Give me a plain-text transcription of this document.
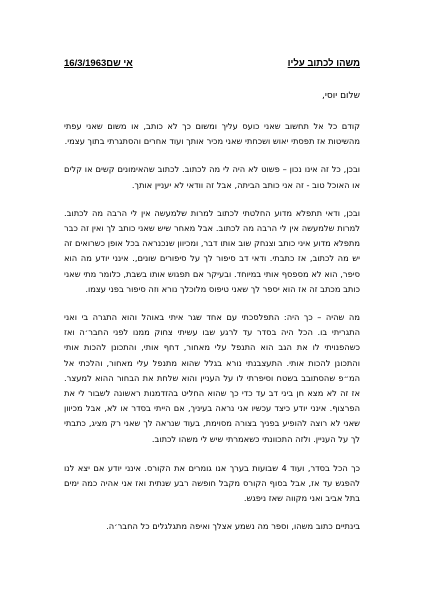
משהו לכתוב עליו
אי שם16/3/1963
שלום יוסי,

קודם כל אל תחשוב שאני כועס עליך ומשום כך לא כותב, או משום שאני עפתי מהשיטות אז תפסתי יאוש ושכחתי שאני מכיר אותך ועוד אחרים והסתגרתי בתוך עצמי.

ובכן, כל זה אינו נכון – פשוט לא היה לי מה לכתוב. לכתוב שהאימונים קשים או קלים או האוכל טוב - זה אני כותב הביתה, אבל זה וודאי לא יעניין אותך.

ובכן, ודאי תתפלא מדוע החלטתי לכתוב למרות שלמעשה אין לי הרבה מה לכתוב. למרות שלמעשה אין לי הרבה מה לכתוב. אבל מאחר שיש שאני כותב לך ואין זה כבר מתפלא מדוע איני כותב וצנחק שוב אותו דבר, ומכיוון שנכנראה בכל אופן כשרואים זה יש מה לכתוב, אז כתבתי. ודאי דב סיפור לך על סיפורים שונים,. אינני יודע מה הוא סיפר, הוא לא מספסף אותי במיוחד. ובעיקר אם תפגוש אותו בשבת, כלומר מתי שאני כותב מכתב זה אז הוא יספר לך שאני טיפוס מלוכלך נורא וזה סיפור בפני עצמו.

מה שהיה – כך היה: התפלסכתי עם אחד שגר איתי באוהל והוא התגרה בי ואני התגריתי בו. הכל היה בסדר עד לרגע שבו עשיתי צחוק ממנו לפני החבר׳ה ואז כשהפנויתי לו את הגב הוא התנפל עלי מאחור, דחף אותי, והתכונן להכות אותי והתכונן להכות אותי. התעצבנתי נורא בגלל שהוא מתנפל עלי מאחור, והלכתי אל המ״פ שהסתובב בשטח וסיפרתי לו על העניין והוא שלחת את הבחור ההוא למעצר. אז זה לא מצא חן ביני דב עד כדי כך שהוא החליט בהזדמנות ראשונה לשבור לי את הפרצוף. אינני יודע כיצד עכשיו אני נראה בעיניך, אם הייתי בסדר או לא, אבל מכיוון שאני לא רוצה להופיע בפניך בצורה מסוימת, בעוד שנראה לך שאני רק מציג, כתבתי לך על העניין. ולזה התכוונתי כשאמרתי שיש לי משהו לכתוב.

כך הכל בסדר, ועוד 4 שבועות בערך אנו גומרים את הקורס. אינני יודע אם יצא לנו להפגש עד אז, אבל בסוף הקורס מקבל חופשה רבע שנתית ואז אני אהיה כמה ימים בתל אביב ואני מקווה שאז ניפגש.

בינתיים כתוב משהו, וספר מה נשמע אצלך ואיפה מתגלגלים כל החבר׳ה.
